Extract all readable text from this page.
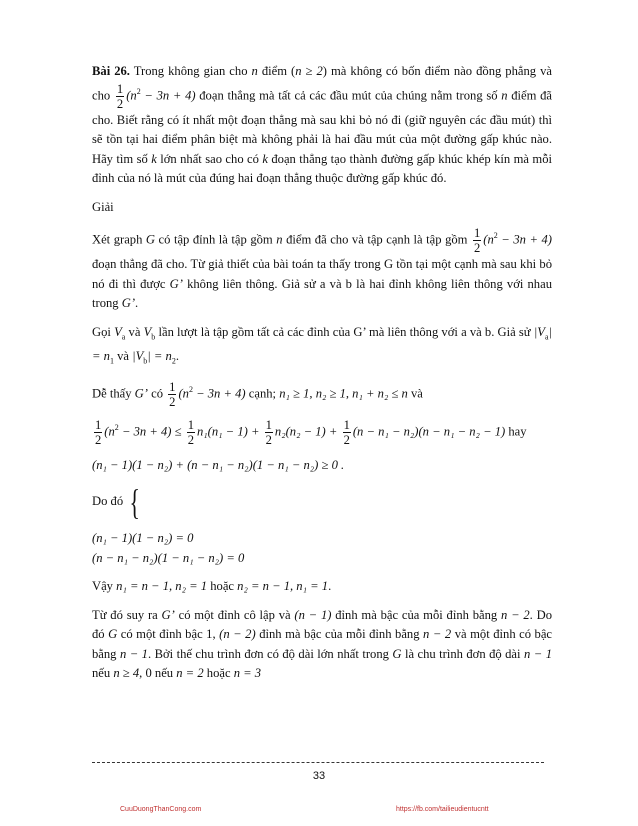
Bài 26. Trong không gian cho n điểm (n ≥ 2) mà không có bốn điểm nào đồng phẳng và cho $\frac{1}{2} (n^2 - 3n + 4)$ đoạn thẳng mà tất cả các đầu mút của chúng nằm trong số n điểm đã cho. Biết rằng có ít nhất một đoạn thẳng mà sau khi bỏ nó đi (giữ nguyên các đầu mút) thì sẽ tồn tại hai điểm phân biệt mà không phải là hai đầu mút của một đường gấp khúc nào. Hãy tìm số k lớn nhất sao cho có k đoạn thẳng tạo thành đường gấp khúc khép kín mà mỗi đỉnh của nó là mút của đúng hai đoạn thẳng thuộc đường gấp khúc đó.

Giải

Xét graph G có tập đỉnh là tập gồm n điểm đã cho và tập cạnh là tập gồm $\frac{1}{2} (n^2 - 3n + 4)$ đoạn thẳng đã cho. Từ giả thiết của bài toán ta thấy trong G tồn tại một cạnh mà sau khi bỏ nó đi thì được G’ không liên thông. Giả sử a và b là hai đỉnh không liên thông với nhau trong G’.

Gọi $V_a$ và $V_b$ lần lượt là tập gồm tất cả các đỉnh của G’ mà liên thông với a và b. Giả sử $|V_a| = n_1$ và $|V_b| = n_2$.

Dễ thấy G’ có $\frac{1}{2} (n^2 - 3n + 4)$ cạnh; n₁ ≥ 1, n₂ ≥ 1, n₁ + n₂ ≤ n và

$\frac{1}{2} (n^2 - 3n + 4) \le \frac{1}{2} n_1(n_1 - 1) + \frac{1}{2} n_2(n_2 - 1) + \frac{1}{2} (n - n_1 - n_2)(n - n_1 - n_2 - 1)$ hay

(n₁ − 1)(1 − n₂) + (n − n₁ − n₂)(1 − n₁ − n₂) ≥ 0 .

Do đó {

(n₁ − 1)(1 − n₂) = 0
(n − n₁ − n₂)(1 − n₁ − n₂) = 0

Vậy n₁ = n − 1, n₂ = 1 hoặc n₂ = n − 1, n₁ = 1.

Từ đó suy ra G’ có một đỉnh cô lập và (n − 1) đỉnh mà bậc của mỗi đỉnh bằng n − 2. Do đó G có một đỉnh bậc 1, (n − 2) đỉnh mà bậc của mỗi đỉnh bằng n − 2 và một đỉnh có bậc bằng n − 1. Bởi thế chu trình đơn có độ dài lớn nhất trong G là chu trình đơn độ dài n − 1 nếu n ≥ 4, 0 nếu n = 2 hoặc n = 3

33
CuuDuongThanCong.com	https://fb.com/tailieudientucntt
